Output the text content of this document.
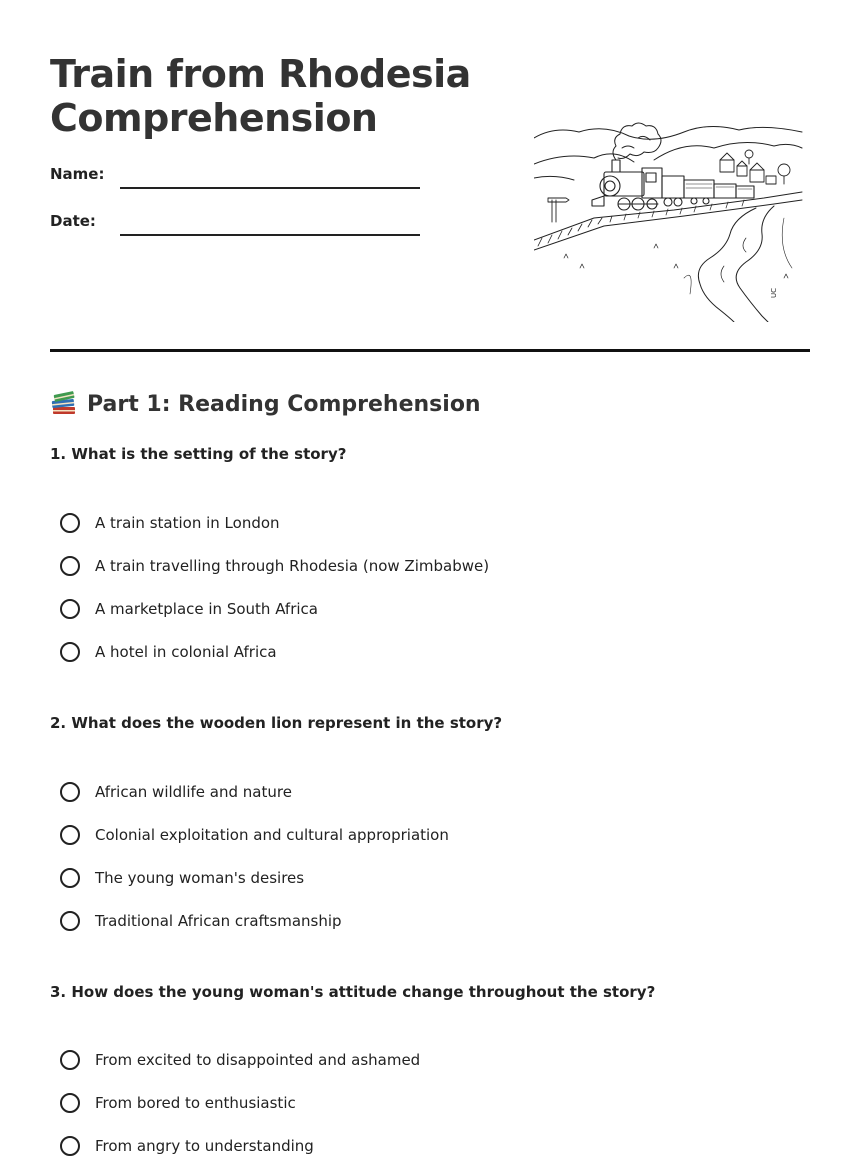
Train from Rhodesia
Comprehension
Name:
Date:
UC
Part 1: Reading Comprehension
1. What is the setting of the story?
A train station in London
A train travelling through Rhodesia (now Zimbabwe)
A marketplace in South Africa
A hotel in colonial Africa
2. What does the wooden lion represent in the story?
African wildlife and nature
Colonial exploitation and cultural appropriation
The young woman's desires
Traditional African craftsmanship
3. How does the young woman's attitude change throughout the story?
From excited to disappointed and ashamed
From bored to enthusiastic
From angry to understanding
